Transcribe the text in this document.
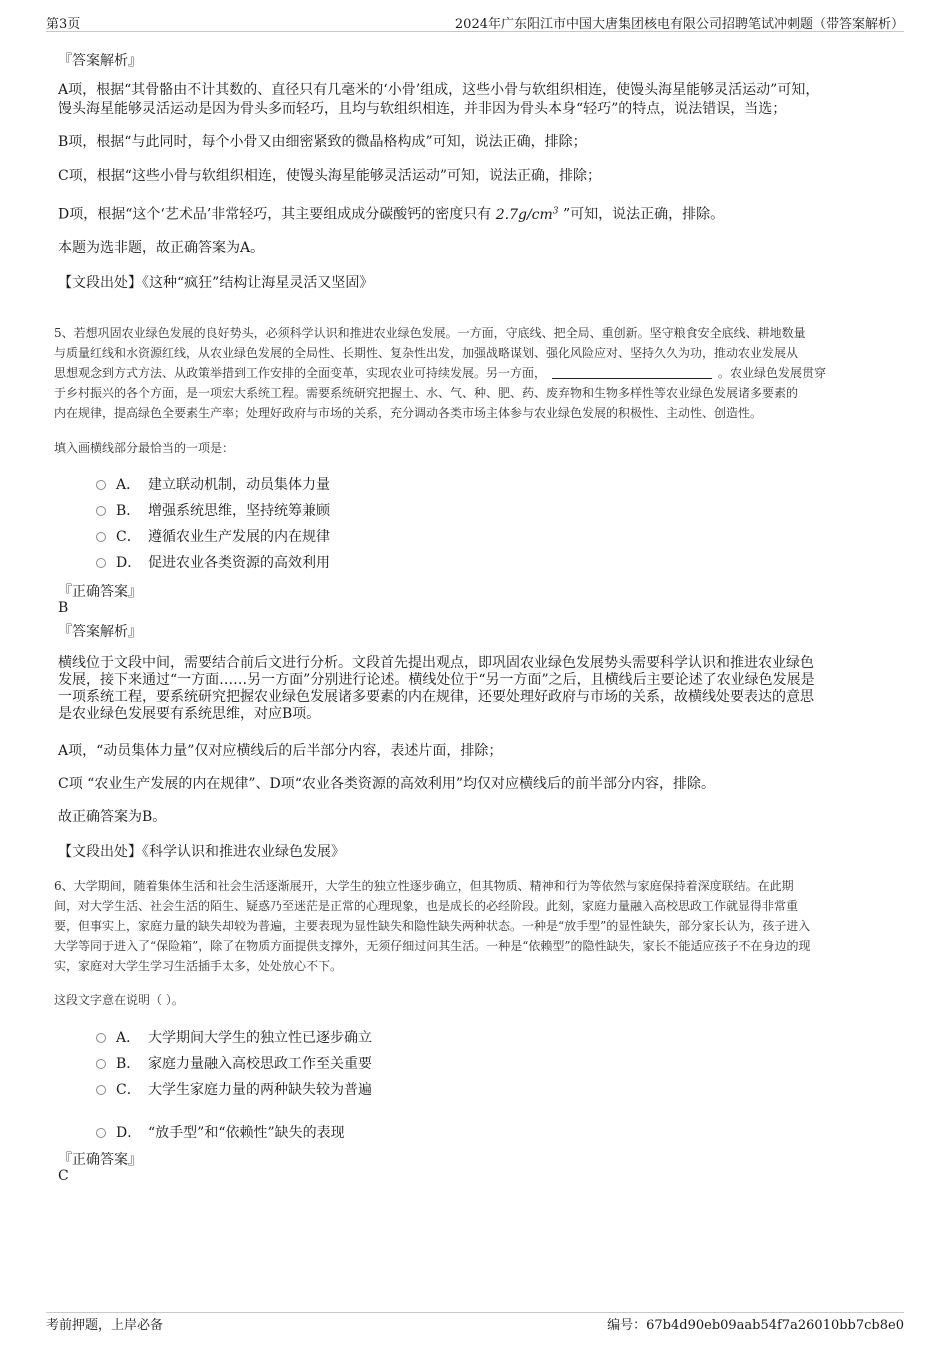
第3页	2024年广东阳江市中国大唐集团核电有限公司招聘笔试冲刺题（带答案解析）
『答案解析』
A项，根据“其骨骼由不计其数的、直径只有几毫米的‘小骨’组成，这些小骨与软组织相连，使馒头海星能够灵活运动”可知，
馒头海星能够灵活运动是因为骨头多而轻巧，且均与软组织相连，并非因为骨头本身“轻巧”的特点，说法错误，当选；
B项，根据“与此同时，每个小骨又由细密紧致的微晶格构成”可知，说法正确，排除；
C项，根据“这些小骨与软组织相连，使馒头海星能够灵活运动”可知，说法正确，排除；
D项，根据“这个‘艺术品’非常轻巧，其主要组成成分碳酸钙的密度只有 $2.7g/cm^3$ ”可知，说法正确，排除。
本题为选非题，故正确答案为A。
【文段出处】《这种“疯狂”结构让海星灵活又坚固》
5、若想巩固农业绿色发展的良好势头，必须科学认识和推进农业绿色发展。一方面，守底线、把全局、重创新。坚守粮食安全底线、耕地数量
与质量红线和水资源红线，从农业绿色发展的全局性、长期性、复杂性出发，加强战略谋划、强化风险应对、坚持久久为功，推动农业发展从
思想观念到方式方法、从政策举措到工作安排的全面变革，实现农业可持续发展。另一方面，	。农业绿色发展贯穿
于乡村振兴的各个方面，是一项宏大系统工程。需要系统研究把握土、水、气、种、肥、药、废弃物和生物多样性等农业绿色发展诸多要素的
内在规律，提高绿色全要素生产率；处理好政府与市场的关系，充分调动各类市场主体参与农业绿色发展的积极性、主动性、创造性。
填入画横线部分最恰当的一项是：
A． 建立联动机制，动员集体力量
B． 增强系统思维，坚持统筹兼顾
C． 遵循农业生产发展的内在规律
D． 促进农业各类资源的高效利用
『正确答案』
B
『答案解析』
横线位于文段中间，需要结合前后文进行分析。文段首先提出观点，即巩固农业绿色发展势头需要科学认识和推进农业绿色
发展，接下来通过“一方面……另一方面”分别进行论述。横线处位于“另一方面”之后，且横线后主要论述了农业绿色发展是
一项系统工程，要系统研究把握农业绿色发展诸多要素的内在规律，还要处理好政府与市场的关系，故横线处要表达的意思
是农业绿色发展要有系统思维，对应B项。
A项，“动员集体力量”仅对应横线后的后半部分内容，表述片面，排除；
C项 “农业生产发展的内在规律”、D项“农业各类资源的高效利用”均仅对应横线后的前半部分内容，排除。
故正确答案为B。
【文段出处】《科学认识和推进农业绿色发展》
6、大学期间，随着集体生活和社会生活逐渐展开，大学生的独立性逐步确立，但其物质、精神和行为等依然与家庭保持着深度联结。在此期
间，对大学生活、社会生活的陌生、疑惑乃至迷茫是正常的心理现象，也是成长的必经阶段。此刻，家庭力量融入高校思政工作就显得非常重
要，但事实上，家庭力量的缺失却较为普遍，主要表现为显性缺失和隐性缺失两种状态。一种是“放手型”的显性缺失，部分家长认为，孩子进入
大学等同于进入了“保险箱”，除了在物质方面提供支撑外，无须仔细过问其生活。一种是“依赖型”的隐性缺失，家长不能适应孩子不在身边的现
实，家庭对大学生学习生活插手太多，处处放心不下。
这段文字意在说明（ ）。
A． 大学期间大学生的独立性已逐步确立
B． 家庭力量融入高校思政工作至关重要
C． 大学生家庭力量的两种缺失较为普遍
D． “放手型”和“依赖性”缺失的表现
『正确答案』
C
考前押题，上岸必备	编号：67b4d90eb09aab54f7a26010bb7cb8e0
